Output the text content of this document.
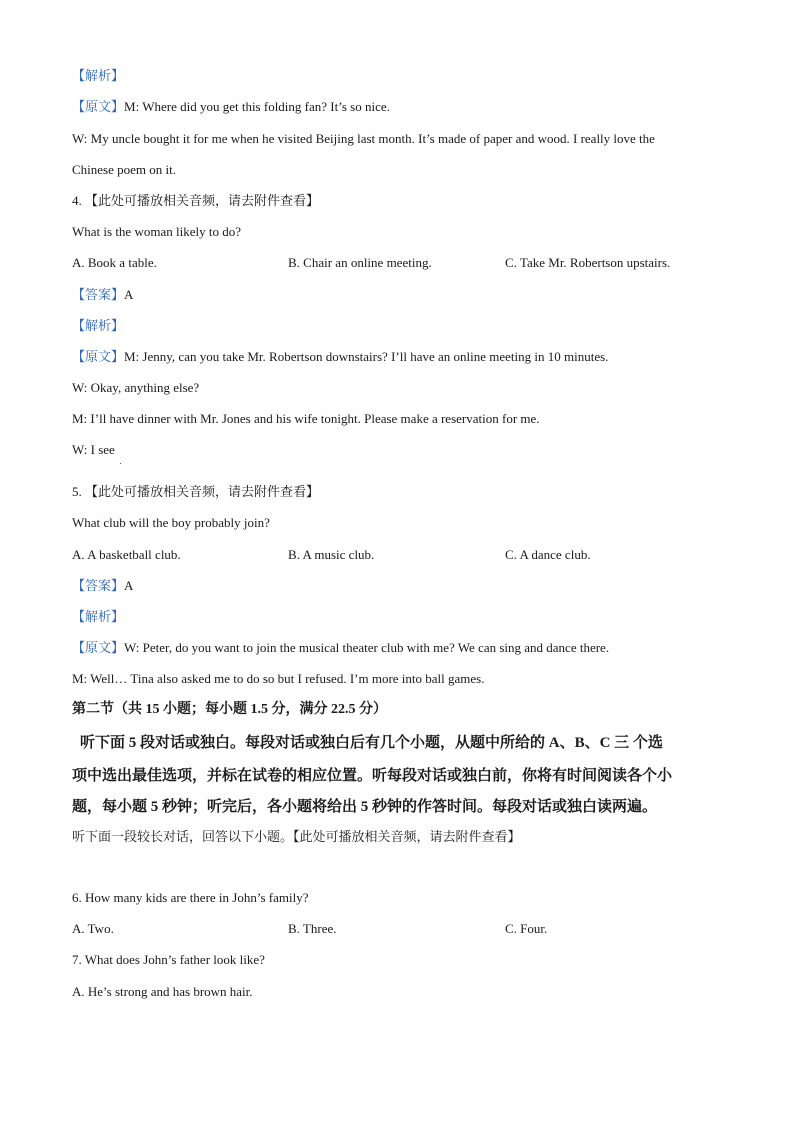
【解析】
【原文】M: Where did you get this folding fan? It’s so nice.
W: My uncle bought it for me when he visited Beijing last month. It’s made of paper and wood. I really love the
Chinese poem on it.
4. 【此处可播放相关音频，请去附件查看】
What is the woman likely to do?
A. Book a table.	B. Chair an online meeting.	C. Take Mr. Robertson upstairs.
【答案】A
【解析】
【原文】M: Jenny, can you take Mr. Robertson downstairs? I’ll have an online meeting in 10 minutes.
W: Okay, anything else?
M: I’ll have dinner with Mr. Jones and his wife tonight. Please make a reservation for me.
W: I see
5. 【此处可播放相关音频，请去附件查看】
What club will the boy probably join?
A. A basketball club.	B. A music club.	C. A dance club.
【答案】A
【解析】
【原文】W: Peter, do you want to join the musical theater club with me? We can sing and dance there.
M: Well… Tina also asked me to do so but I refused. I’m more into ball games.
第二节（共 15 小题；每小题 1.5 分，满分 22.5 分）
听下面 5 段对话或独白。每段对话或独白后有几个小题，从题中所给的 A、B、C 三 个选
项中选出最佳选项，并标在试卷的相应位置。听每段对话或独白前，你将有时间阅读各个小
题，每小题 5 秒钟；听完后，各小题将给出 5 秒钟的作答时间。每段对话或独白读两遍。
听下面一段较长对话，回答以下小题。【此处可播放相关音频，请去附件查看】
6. How many kids are there in John’s family?
A. Two.	B. Three.	C. Four.
7. What does John’s father look like?
A. He’s strong and has brown hair.
